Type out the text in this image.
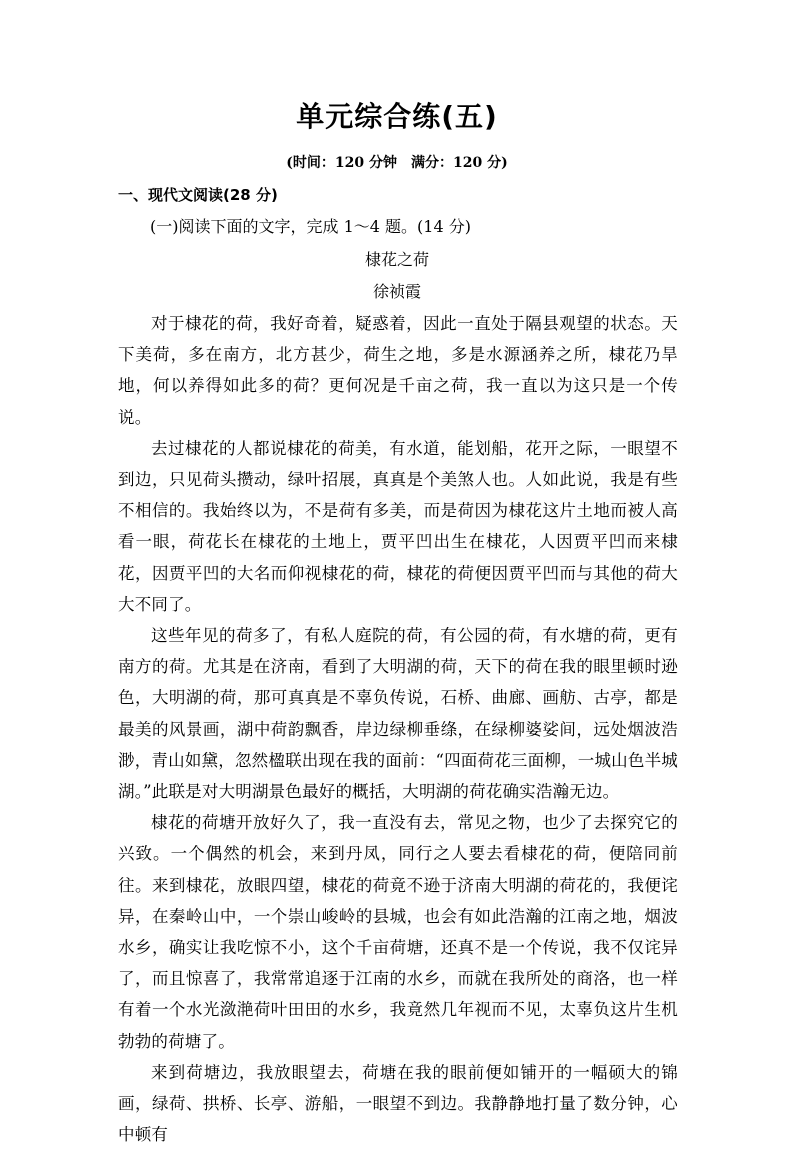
单元综合练(五)
(时间：120 分钟　满分：120 分)
一、现代文阅读(28 分)
(一)阅读下面的文字，完成 1～4 题。(14 分)
棣花之荷
徐祯霞

对于棣花的荷，我好奇着，疑惑着，因此一直处于隔县观望的状态。天下美荷，多在南方，北方甚少，荷生之地，多是水源涵养之所，棣花乃旱地，何以养得如此多的荷？更何况是千亩之荷，我一直以为这只是一个传说。

去过棣花的人都说棣花的荷美，有水道，能划船，花开之际，一眼望不到边，只见荷头攒动，绿叶招展，真真是个美煞人也。人如此说，我是有些不相信的。我始终以为，不是荷有多美，而是荷因为棣花这片土地而被人高看一眼，荷花长在棣花的土地上，贾平凹出生在棣花，人因贾平凹而来棣花，因贾平凹的大名而仰视棣花的荷，棣花的荷便因贾平凹而与其他的荷大大不同了。

这些年见的荷多了，有私人庭院的荷，有公园的荷，有水塘的荷，更有南方的荷。尤其是在济南，看到了大明湖的荷，天下的荷在我的眼里顿时逊色，大明湖的荷，那可真真是不辜负传说，石桥、曲廊、画舫、古亭，都是最美的风景画，湖中荷韵飘香，岸边绿柳垂绦，在绿柳婆娑间，远处烟波浩渺，青山如黛，忽然楹联出现在我的面前：“四面荷花三面柳，一城山色半城湖。”此联是对大明湖景色最好的概括，大明湖的荷花确实浩瀚无边。

棣花的荷塘开放好久了，我一直没有去，常见之物，也少了去探究它的兴致。一个偶然的机会，来到丹凤，同行之人要去看棣花的荷，便陪同前往。来到棣花，放眼四望，棣花的荷竟不逊于济南大明湖的荷花的，我便诧异，在秦岭山中，一个崇山峻岭的县城，也会有如此浩瀚的江南之地，烟波水乡，确实让我吃惊不小，这个千亩荷塘，还真不是一个传说，我不仅诧异了，而且惊喜了，我常常追逐于江南的水乡，而就在我所处的商洛，也一样有着一个水光潋滟荷叶田田的水乡，我竟然几年视而不见，太辜负这片生机勃勃的荷塘了。

来到荷塘边，我放眼望去，荷塘在我的眼前便如铺开的一幅硕大的锦画，绿荷、拱桥、长亭、游船，一眼望不到边。我静静地打量了数分钟，心中顿有
